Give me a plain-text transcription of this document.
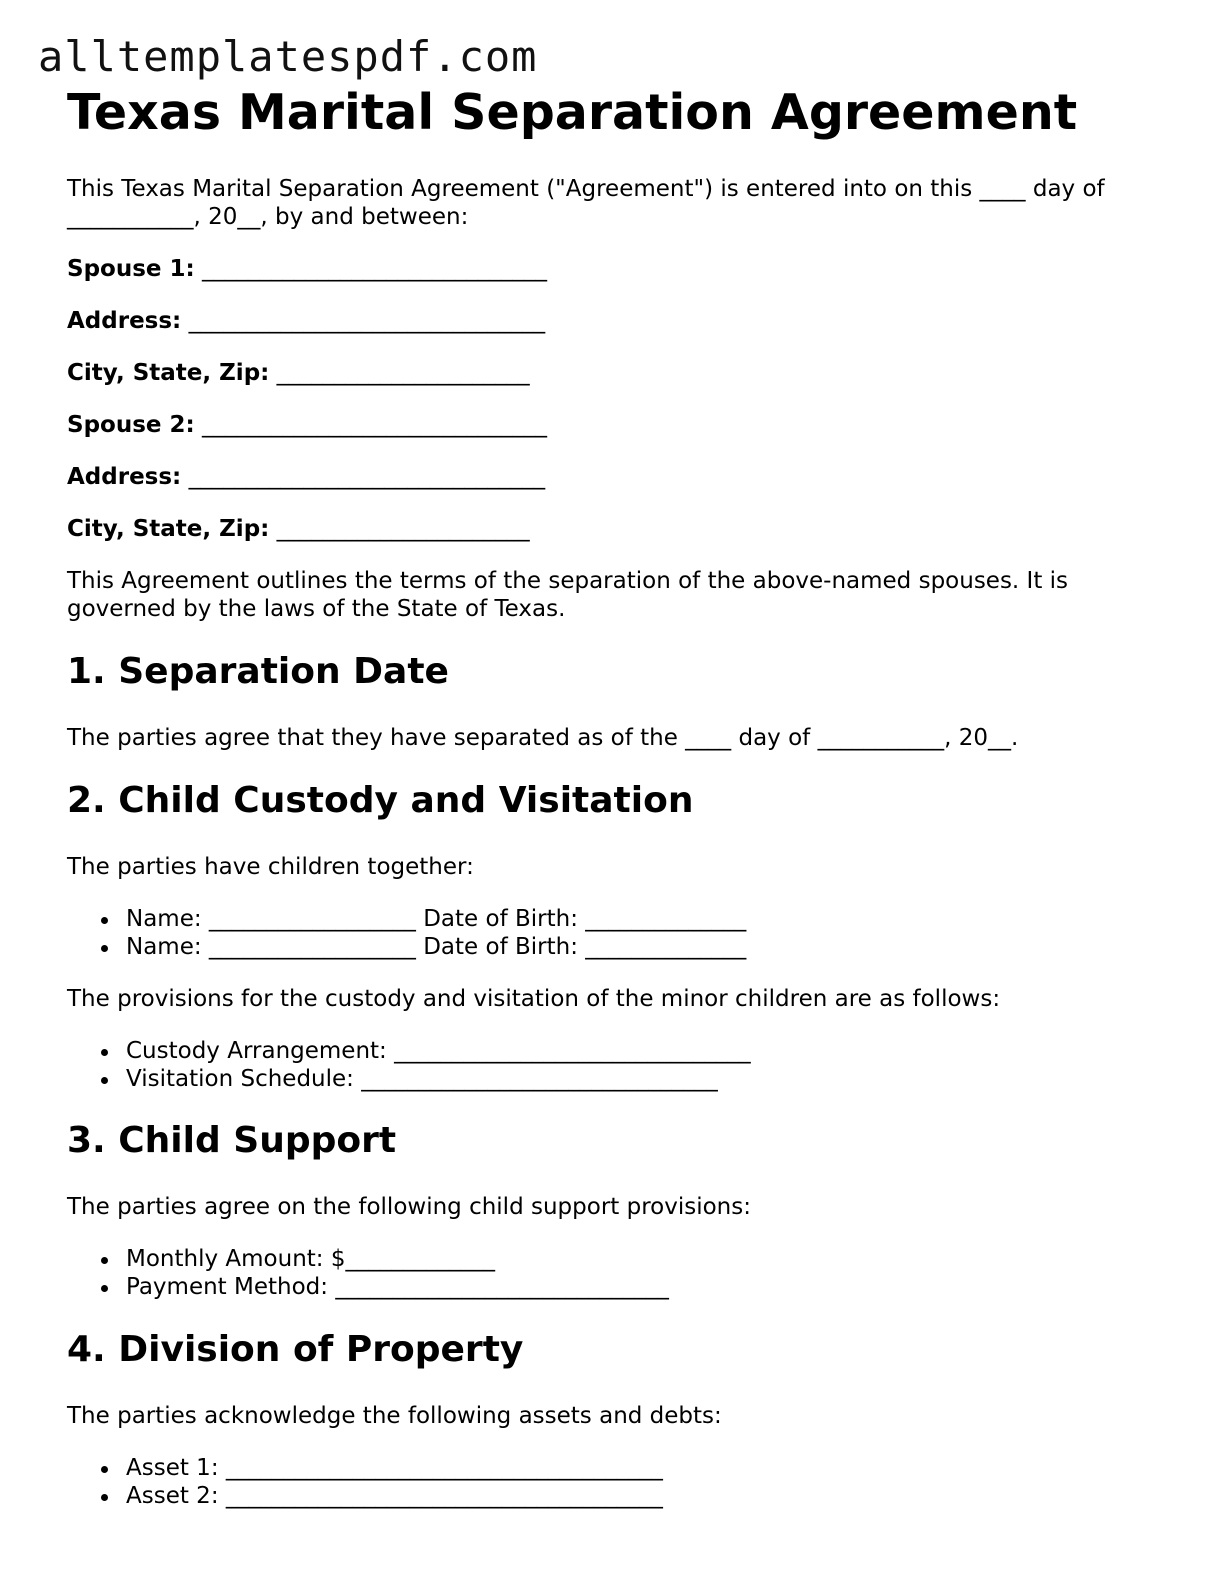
alltemplatespdf.com
Texas Marital Separation Agreement

This Texas Marital Separation Agreement ("Agreement") is entered into on this ____ day of ___________, 20__, by and between:

Spouse 1: ______________________________

Address: _______________________________

City, State, Zip: ______________________

Spouse 2: ______________________________

Address: _______________________________

City, State, Zip: ______________________

This Agreement outlines the terms of the separation of the above-named spouses. It is governed by the laws of the State of Texas.

1. Separation Date

The parties agree that they have separated as of the ____ day of ___________, 20__.

2. Child Custody and Visitation

The parties have children together:

Name: __________________ Date of Birth: ______________
Name: __________________ Date of Birth: ______________

The provisions for the custody and visitation of the minor children are as follows:

Custody Arrangement: _______________________________
Visitation Schedule: _______________________________
3. Child Support

The parties agree on the following child support provisions:

Monthly Amount: $_____________
Payment Method: _____________________________
4. Division of Property

The parties acknowledge the following assets and debts:

Asset 1: ______________________________________
Asset 2: ______________________________________
